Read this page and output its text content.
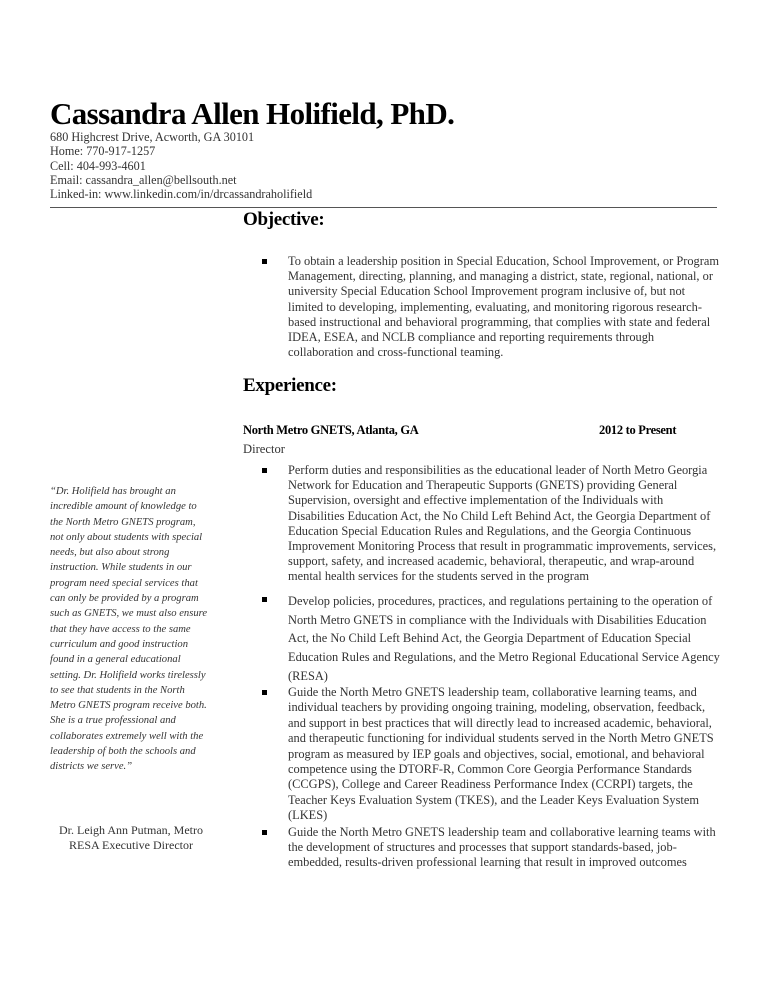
Cassandra Allen Holifield, PhD.
680 Highcrest Drive, Acworth, GA 30101
Home: 770-917-1257
Cell: 404-993-4601
Email: cassandra_allen@bellsouth.net
Linked-in: www.linkedin.com/in/drcassandraholifield
Objective:
To obtain a leadership position in Special Education, School Improvement, or Program Management, directing, planning, and managing a district, state, regional, national, or university Special Education School Improvement program inclusive of, but not limited to developing, implementing, evaluating, and monitoring rigorous research-based instructional and behavioral programming, that complies with state and federal IDEA, ESEA, and NCLB compliance and reporting requirements through collaboration and cross-functional teaming.
Experience:
North Metro GNETS, Atlanta, GA	2012 to Present
Director
Perform duties and responsibilities as the educational leader of North Metro Georgia Network for Education and Therapeutic Supports (GNETS) providing General Supervision, oversight and effective implementation of the Individuals with Disabilities Education Act, the No Child Left Behind Act, the Georgia Department of Education Special Education Rules and Regulations, and the Georgia Continuous Improvement Monitoring Process that result in programmatic improvements, services, support, safety, and increased academic, behavioral, therapeutic, and wrap-around mental health services for the students served in the program
Develop policies, procedures, practices, and regulations pertaining to the operation of North Metro GNETS in compliance with the Individuals with Disabilities Education Act, the No Child Left Behind Act, the Georgia Department of Education Special Education Rules and Regulations, and the Metro Regional Educational Service Agency (RESA)
Guide the North Metro GNETS leadership team, collaborative learning teams, and individual teachers by providing ongoing training, modeling, observation, feedback, and support in best practices that will directly lead to increased academic, behavioral, and therapeutic functioning for individual students served in the North Metro GNETS program as measured by IEP goals and objectives, social, emotional, and behavioral competence using the DTORF-R, Common Core Georgia Performance Standards (CCGPS), College and Career Readiness Performance Index (CCRPI) targets, the Teacher Keys Evaluation System (TKES), and the Leader Keys Evaluation System (LKES)
Guide the North Metro GNETS leadership team and collaborative learning teams with the development of structures and processes that support standards-based, job-embedded, results-driven professional learning that result in improved outcomes
“Dr. Holifield has brought an incredible amount of knowledge to the North Metro GNETS program, not only about students with special needs, but also about strong instruction. While students in our program need special services that can only be provided by a program such as GNETS, we must also ensure that they have access to the same curriculum and good instruction found in a general educational setting. Dr. Holifield works tirelessly to see that students in the North Metro GNETS program receive both. She is a true professional and collaborates extremely well with the leadership of both the schools and districts we serve.”
Dr. Leigh Ann Putman, Metro RESA Executive Director
